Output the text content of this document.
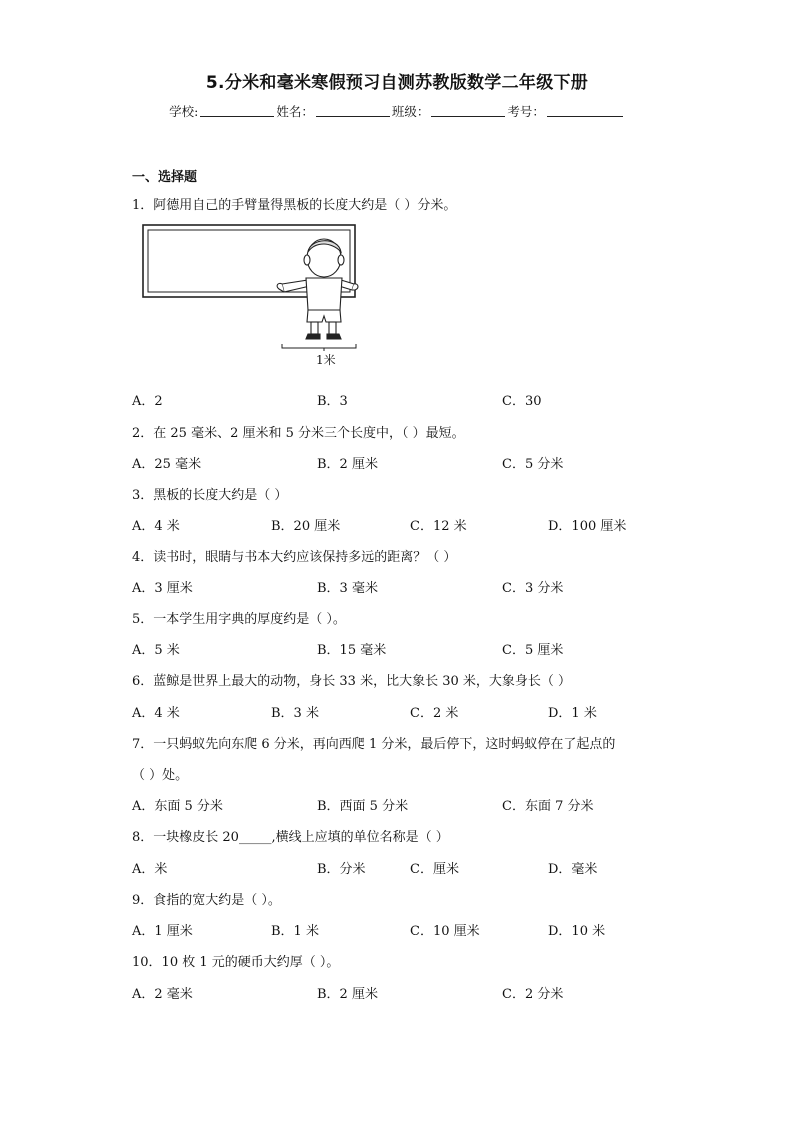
5.分米和毫米寒假预习自测苏教版数学二年级下册
学校:	姓名：	班级：	考号：
一、选择题
1．阿德用自己的手臂量得黑板的长度大约是（ ）分米。
1米
A．2	B．3	C．30
2．在 25 毫米、2 厘米和 5 分米三个长度中，（ ）最短。
A．25 毫米	B．2 厘米	C．5 分米
3．黑板的长度大约是（ ）
A．4 米	B．20 厘米	C．12 米	D．100 厘米
4．读书时，眼睛与书本大约应该保持多远的距离？（ ）
A．3 厘米	B．3 毫米	C．3 分米
5．一本学生用字典的厚度约是（ ）。
A．5 米	B．15 毫米	C．5 厘米
6．蓝鲸是世界上最大的动物，身长 33 米，比大象长 30 米，大象身长（ ）
A．4 米	B．3 米	C．2 米	D．1 米
7．一只蚂蚁先向东爬 6 分米，再向西爬 1 分米，最后停下，这时蚂蚁停在了起点的
（ ）处。
A．东面 5 分米	B．西面 5 分米	C．东面 7 分米
8．一块橡皮长 20_____,横线上应填的单位名称是（ ）
A．米	B．分米	C．厘米	D．毫米
9．食指的宽大约是（ ）。
A．1 厘米	B．1 米	C．10 厘米	D．10 米
10．10 枚 1 元的硬币大约厚（ ）。
A．2 毫米	B．2 厘米	C．2 分米
